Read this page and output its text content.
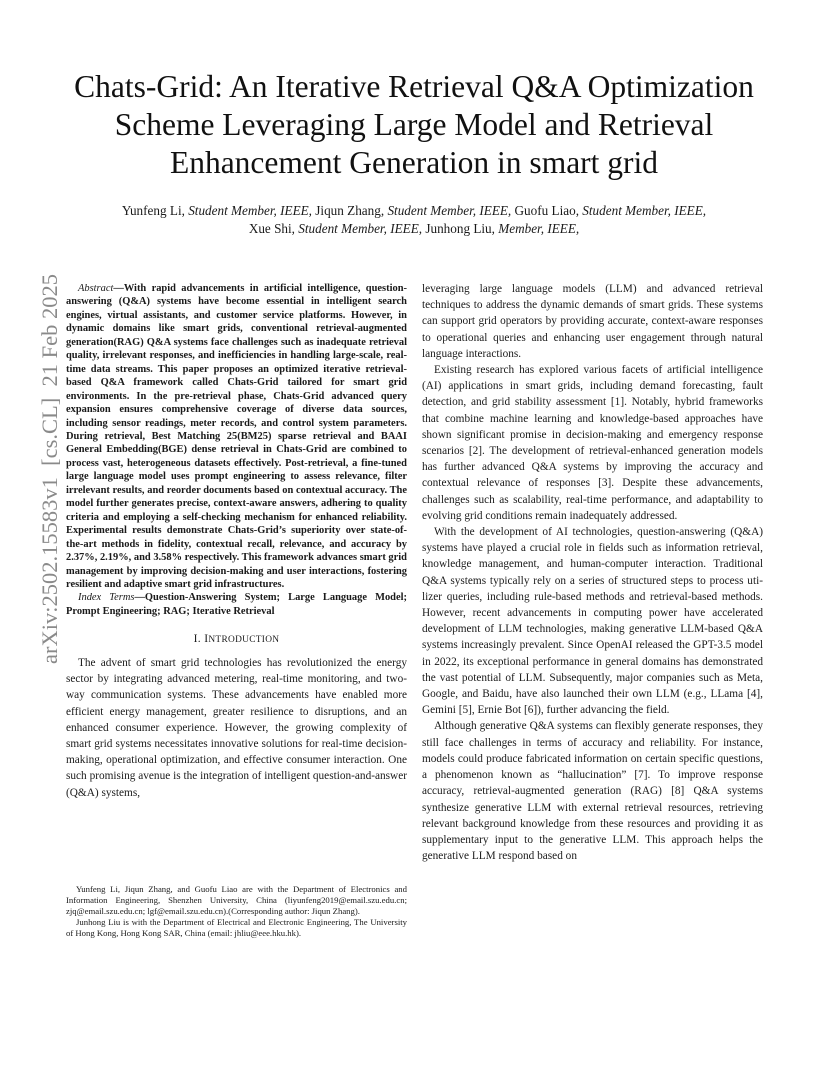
Chats-Grid: An Iterative Retrieval Q&A Optimization Scheme Leveraging Large Model and Retrieval Enhancement Generation in smart grid
Yunfeng Li, Student Member, IEEE, Jiqun Zhang, Student Member, IEEE, Guofu Liao, Student Member, IEEE,
Xue Shi, Student Member, IEEE, Junhong Liu, Member, IEEE,
arXiv:2502.15583v1  [cs.CL]  21 Feb 2025	Abstract—With rapid advancements in artificial intelligence, question-answering (Q&A) systems have become essential in intelligent search engines, virtual assistants, and customer service platforms. However, in dynamic domains like smart grids, conventional retrieval-augmented generation(RAG) Q&A systems face challenges such as inadequate retrieval quality, irrelevant responses, and inefficiencies in handling large-scale, real-time data streams. This paper proposes an optimized iterative retrieval-based Q&A framework called Chats-Grid tailored for smart grid environments. In the pre-retrieval phase, Chats-Grid advanced query expansion ensures comprehensive coverage of diverse data sources, including sensor readings, meter records, and control system parameters. During retrieval, Best Matching 25(BM25) sparse retrieval and BAAI General Embedding(BGE) dense retrieval in Chats-Grid are combined to process vast, heterogeneous datasets effectively. Post-retrieval, a fine-tuned large language model uses prompt engineering to assess relevance, filter irrelevant results, and reorder documents based on contextual accuracy. The model further generates precise, context-aware answers, adhering to quality criteria and employing a self-checking mechanism for enhanced reliability. Experimental results demonstrate Chats-Grid’s superiority over state-of-the-art methods in fidelity, contextual recall, relevance, and accuracy by 2.37%, 2.19%, and 3.58% respectively. This framework advances smart grid management by improving decision-making and user interactions, fostering resilient and adaptive smart grid infrastructures.

Index Terms—Question-Answering System; Large Language Model; Prompt Engineering; RAG; Iterative Retrieval

I. INTRODUCTION

The advent of smart grid technologies has revolutionized the energy sector by integrating advanced metering, real-time monitoring, and two-way communication systems. These advancements have enabled more efficient energy management, greater resilience to disruptions, and an enhanced consumer experience. However, the growing complexity of smart grid systems necessitates innovative solutions for real-time decision-making, operational optimization, and effective consumer interaction. One such promising avenue is the integration of intelligent question-and-answer (Q&A) systems,

Yunfeng Li, Jiqun Zhang, and Guofu Liao are with the Department of Electronics and Information Engineering, Shenzhen University, China (liyunfeng2019@email.szu.edu.cn; zjq@email.szu.edu.cn; lgf@email.szu.edu.cn).(Corresponding author: Jiqun Zhang).

Junhong Liu is with the Department of Electrical and Electronic Engineering, The University of Hong Kong, Hong Kong SAR, China (email: jhliu@eee.hku.hk).

leveraging large language models (LLM) and advanced retrieval techniques to address the dynamic demands of smart grids. These systems can support grid operators by providing accurate, context-aware responses to operational queries and enhancing user engagement through natural language interactions.

Existing research has explored various facets of artificial intelligence (AI) applications in smart grids, including demand forecasting, fault detection, and grid stability assessment [1]. Notably, hybrid frameworks that combine machine learning and knowledge-based approaches have shown significant promise in decision-making and emergency response scenarios [2]. The development of retrieval-enhanced generation models has further advanced Q&A systems by improving the accuracy and contextual relevance of responses [3]. Despite these advancements, challenges such as scalability, real-time performance, and adaptability to evolving grid conditions remain inadequately addressed.

With the development of AI technologies, question-answering (Q&A) systems have played a crucial role in fields such as information retrieval, knowledge management, and human-computer interaction. Traditional Q&A systems typically rely on a series of structured steps to process utilizer queries, including rule-based methods and retrieval-based methods. However, recent advancements in computing power have accelerated development of LLM technologies, making generative LLM-based Q&A systems increasingly prevalent. Since OpenAI released the GPT-3.5 model in 2022, its exceptional performance in general domains has demonstrated the vast potential of LLM. Subsequently, major companies such as Meta, Google, and Baidu, have also launched their own LLM (e.g., LLama [4], Gemini [5], Ernie Bot [6]), further advancing the field.

Although generative Q&A systems can flexibly generate responses, they still face challenges in terms of accuracy and reliability. For instance, models could produce fabricated information on certain specific questions, a phenomenon known as “hallucination” [7]. To improve response accuracy, retrieval-augmented generation (RAG) [8] Q&A systems synthesize generative LLM with external retrieval resources, retrieving relevant background knowledge from these resources and providing it as supplementary input to the generative LLM. This approach helps the generative LLM respond based on
